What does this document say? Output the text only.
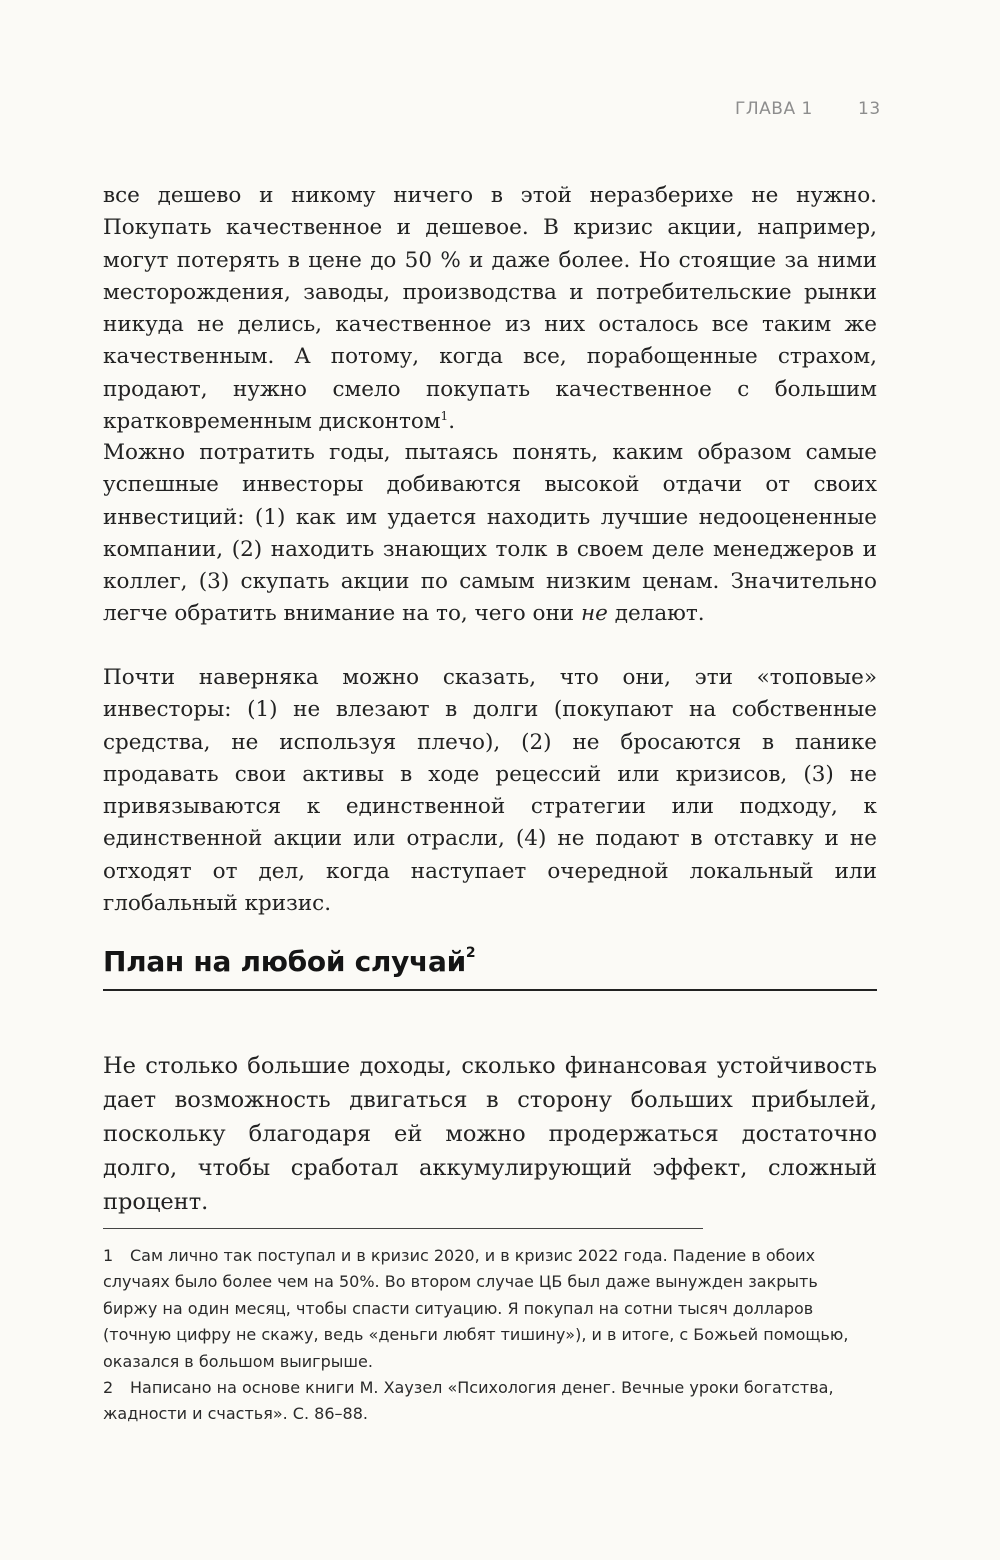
ГЛАВА 1	13

все дешево и никому ничего в этой неразберихе не нужно. Покупать качественное и дешевое. В кризис акции, например, могут потерять в цене до 50 % и даже более. Но стоящие за ними месторождения, заводы, производства и потребительские рынки никуда не делись, качественное из них осталось все таким же качественным. А потому, когда все, порабощенные страхом, продают, нужно смело покупать качественное с большим кратковременным дисконтом$^1$.

Можно потратить годы, пытаясь понять, каким образом самые успешные инвесторы добиваются высокой отдачи от своих инвестиций: (1) как им удается находить лучшие недооцененные компании, (2) находить знающих толк в своем деле менеджеров и коллег, (3) скупать акции по самым низким ценам. Значительно легче обратить внимание на то, чего они не делают.

Почти наверняка можно сказать, что они, эти «топовые» инвесторы: (1) не влезают в долги (покупают на собственные средства, не используя плечо), (2) не бросаются в панике продавать свои активы в ходе рецессий или кризисов, (3) не привязываются к единственной стратегии или подходу, к единственной акции или отрасли, (4) не подают в отставку и не отходят от дел, когда наступает очередной локальный или глобальный кризис.

План на любой случай$^2$

Не столько большие доходы, сколько финансовая устойчивость дает возможность двигаться в сторону больших прибылей, поскольку благодаря ей можно продержаться достаточно долго, чтобы сработал аккумулирующий эффект, сложный процент.

1 Сам лично так поступал и в кризис 2020, и в кризис 2022 года. Падение в обоих случаях было более чем на 50%. Во втором случае ЦБ был даже вынужден закрыть биржу на один месяц, чтобы спасти ситуацию. Я покупал на сотни тысяч долларов (точную цифру не скажу, ведь «деньги любят тишину»), и в итоге, с Божьей помощью, оказался в большом выигрыше.

2 Написано на основе книги М. Хаузел «Психология денег. Вечные уроки богатства, жадности и счастья». С. 86–88.
